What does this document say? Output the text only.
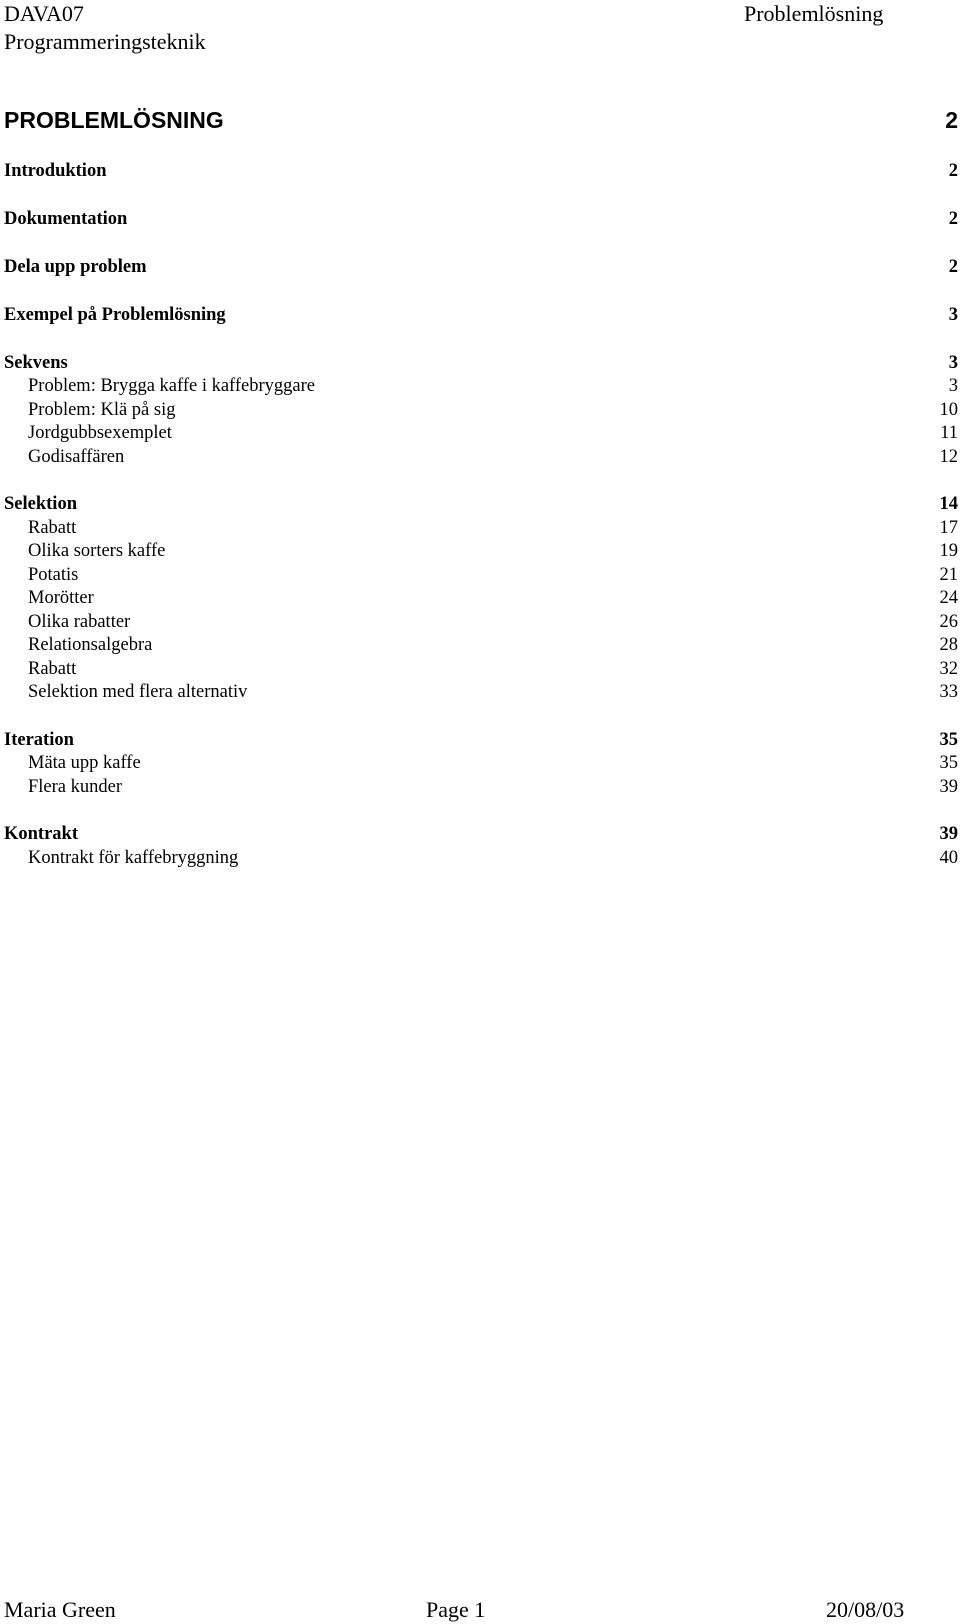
DAVA07
Programmeringsteknik
Problemlösning
PROBLEMLÖSNING	2
Introduktion	2
Dokumentation	2
Dela upp problem	2
Exempel på Problemlösning	3
Sekvens	3
Problem: Brygga kaffe i kaffebryggare	3
Problem: Klä på sig	10
Jordgubbsexemplet	11
Godisaffären	12
Selektion	14
Rabatt	17
Olika sorters kaffe	19
Potatis	21
Morötter	24
Olika rabatter	26
Relationsalgebra	28
Rabatt	32
Selektion med flera alternativ	33
Iteration	35
Mäta upp kaffe	35
Flera kunder	39
Kontrakt	39
Kontrakt för kaffebryggning	40
Maria Green	Page 1	20/08/03
